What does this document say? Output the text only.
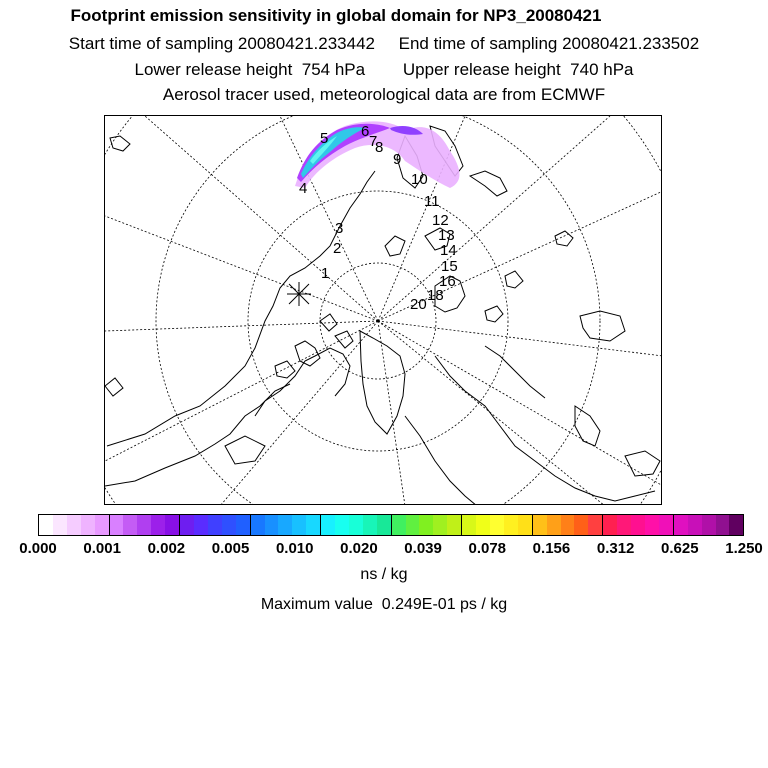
Footprint emission sensitivity in global domain for NP3_20080421
Start time of sampling 20080421.233442     End time of sampling 20080421.233502
Lower release height  754 hPa        Upper release height  740 hPa
Aerosol tracer used, meteorological data are from ECMWF
1
2
3
4
5 6
7
8
9
10
11
12
13
14
15
16
18
20
0.000 0.001 0.002 0.005 0.010 0.020 0.039 0.078 0.156 0.312 0.625 1.250
ns / kg
Maximum value  0.249E-01 ps / kg
